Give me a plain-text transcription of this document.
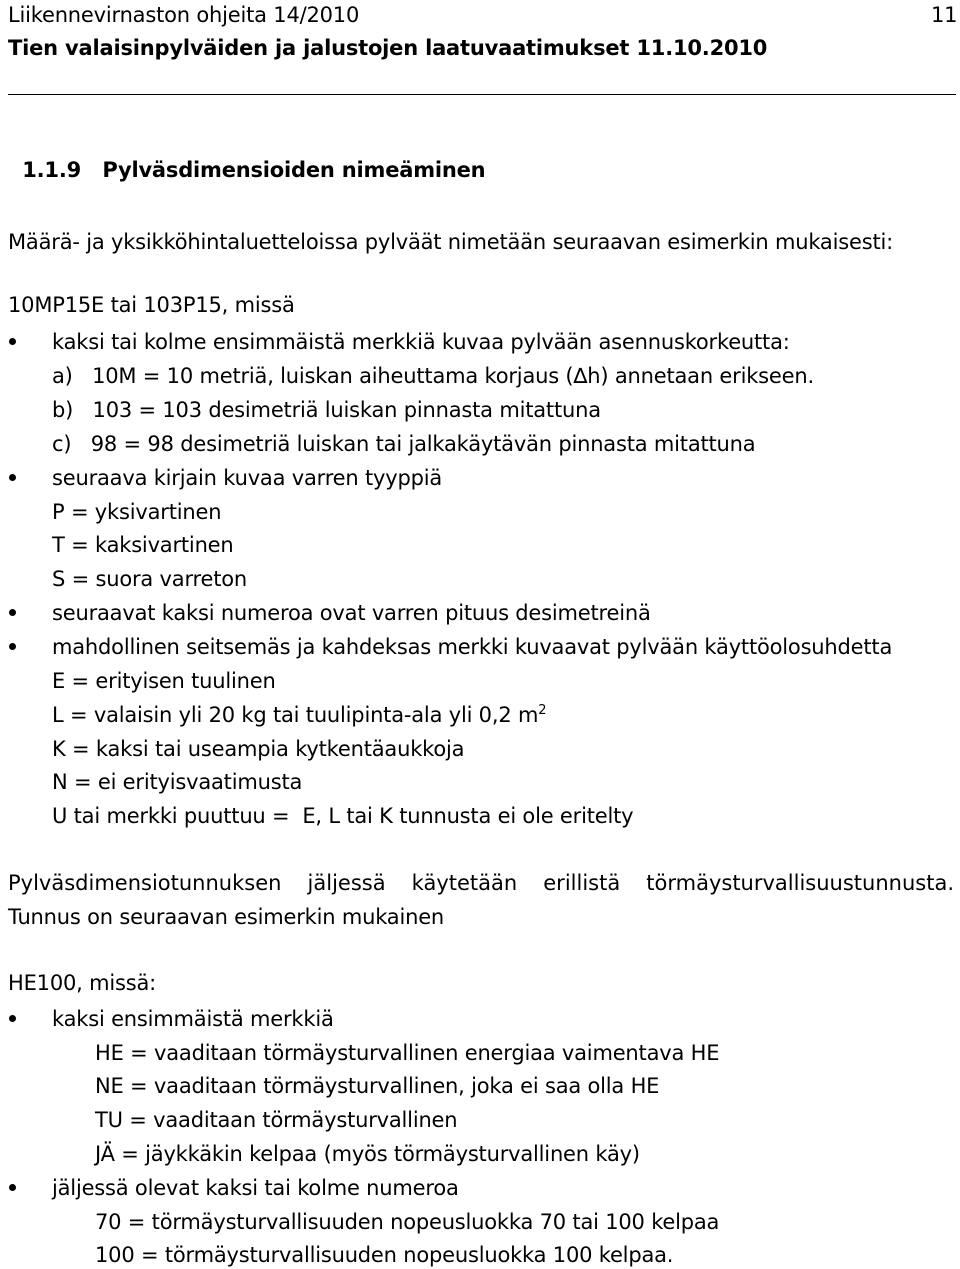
Liikennevirnaston ohjeita 14/2010	11
Tien valaisinpylväiden ja jalustojen laatuvaatimukset 11.10.2010

1.1.9 Pylväsdimensioiden nimeäminen

Määrä- ja yksikköhintaluetteloissa pylväät nimetään seuraavan esimerkin mukaisesti:
10MP15E tai 103P15, missä
kaksi tai kolme ensimmäistä merkkiä kuvaa pylvään asennuskorkeutta:
a)   10M = 10 metriä, luiskan aiheuttama korjaus (∆h) annetaan erikseen.
b)   103 = 103 desimetriä luiskan pinnasta mitattuna
c)   98 = 98 desimetriä luiskan tai jalkakäytävän pinnasta mitattuna
seuraava kirjain kuvaa varren tyyppiä
P = yksivartinen
T = kaksivartinen
S = suora varreton
seuraavat kaksi numeroa ovat varren pituus desimetreinä
mahdollinen seitsemäs ja kahdeksas merkki kuvaavat pylvään käyttöolosuhdetta
E = erityisen tuulinen
L = valaisin yli 20 kg tai tuulipinta-ala yli 0,2 $m^2$
K = kaksi tai useampia kytkentäaukkoja
N = ei erityisvaatimusta
U tai merkki puuttuu =  E, L tai K tunnusta ei ole eritelty
Pylväsdimensiotunnuksen jäljessä käytetään erillistä törmäysturvallisuustunnusta.
Tunnus on seuraavan esimerkin mukainen
HE100, missä:
kaksi ensimmäistä merkkiä
HE = vaaditaan törmäysturvallinen energiaa vaimentava HE
NE = vaaditaan törmäysturvallinen, joka ei saa olla HE
TU = vaaditaan törmäysturvallinen
JÄ = jäykkäkin kelpaa (myös törmäysturvallinen käy)
jäljessä olevat kaksi tai kolme numeroa
70 = törmäysturvallisuuden nopeusluokka 70 tai 100 kelpaa
100 = törmäysturvallisuuden nopeusluokka 100 kelpaa.
